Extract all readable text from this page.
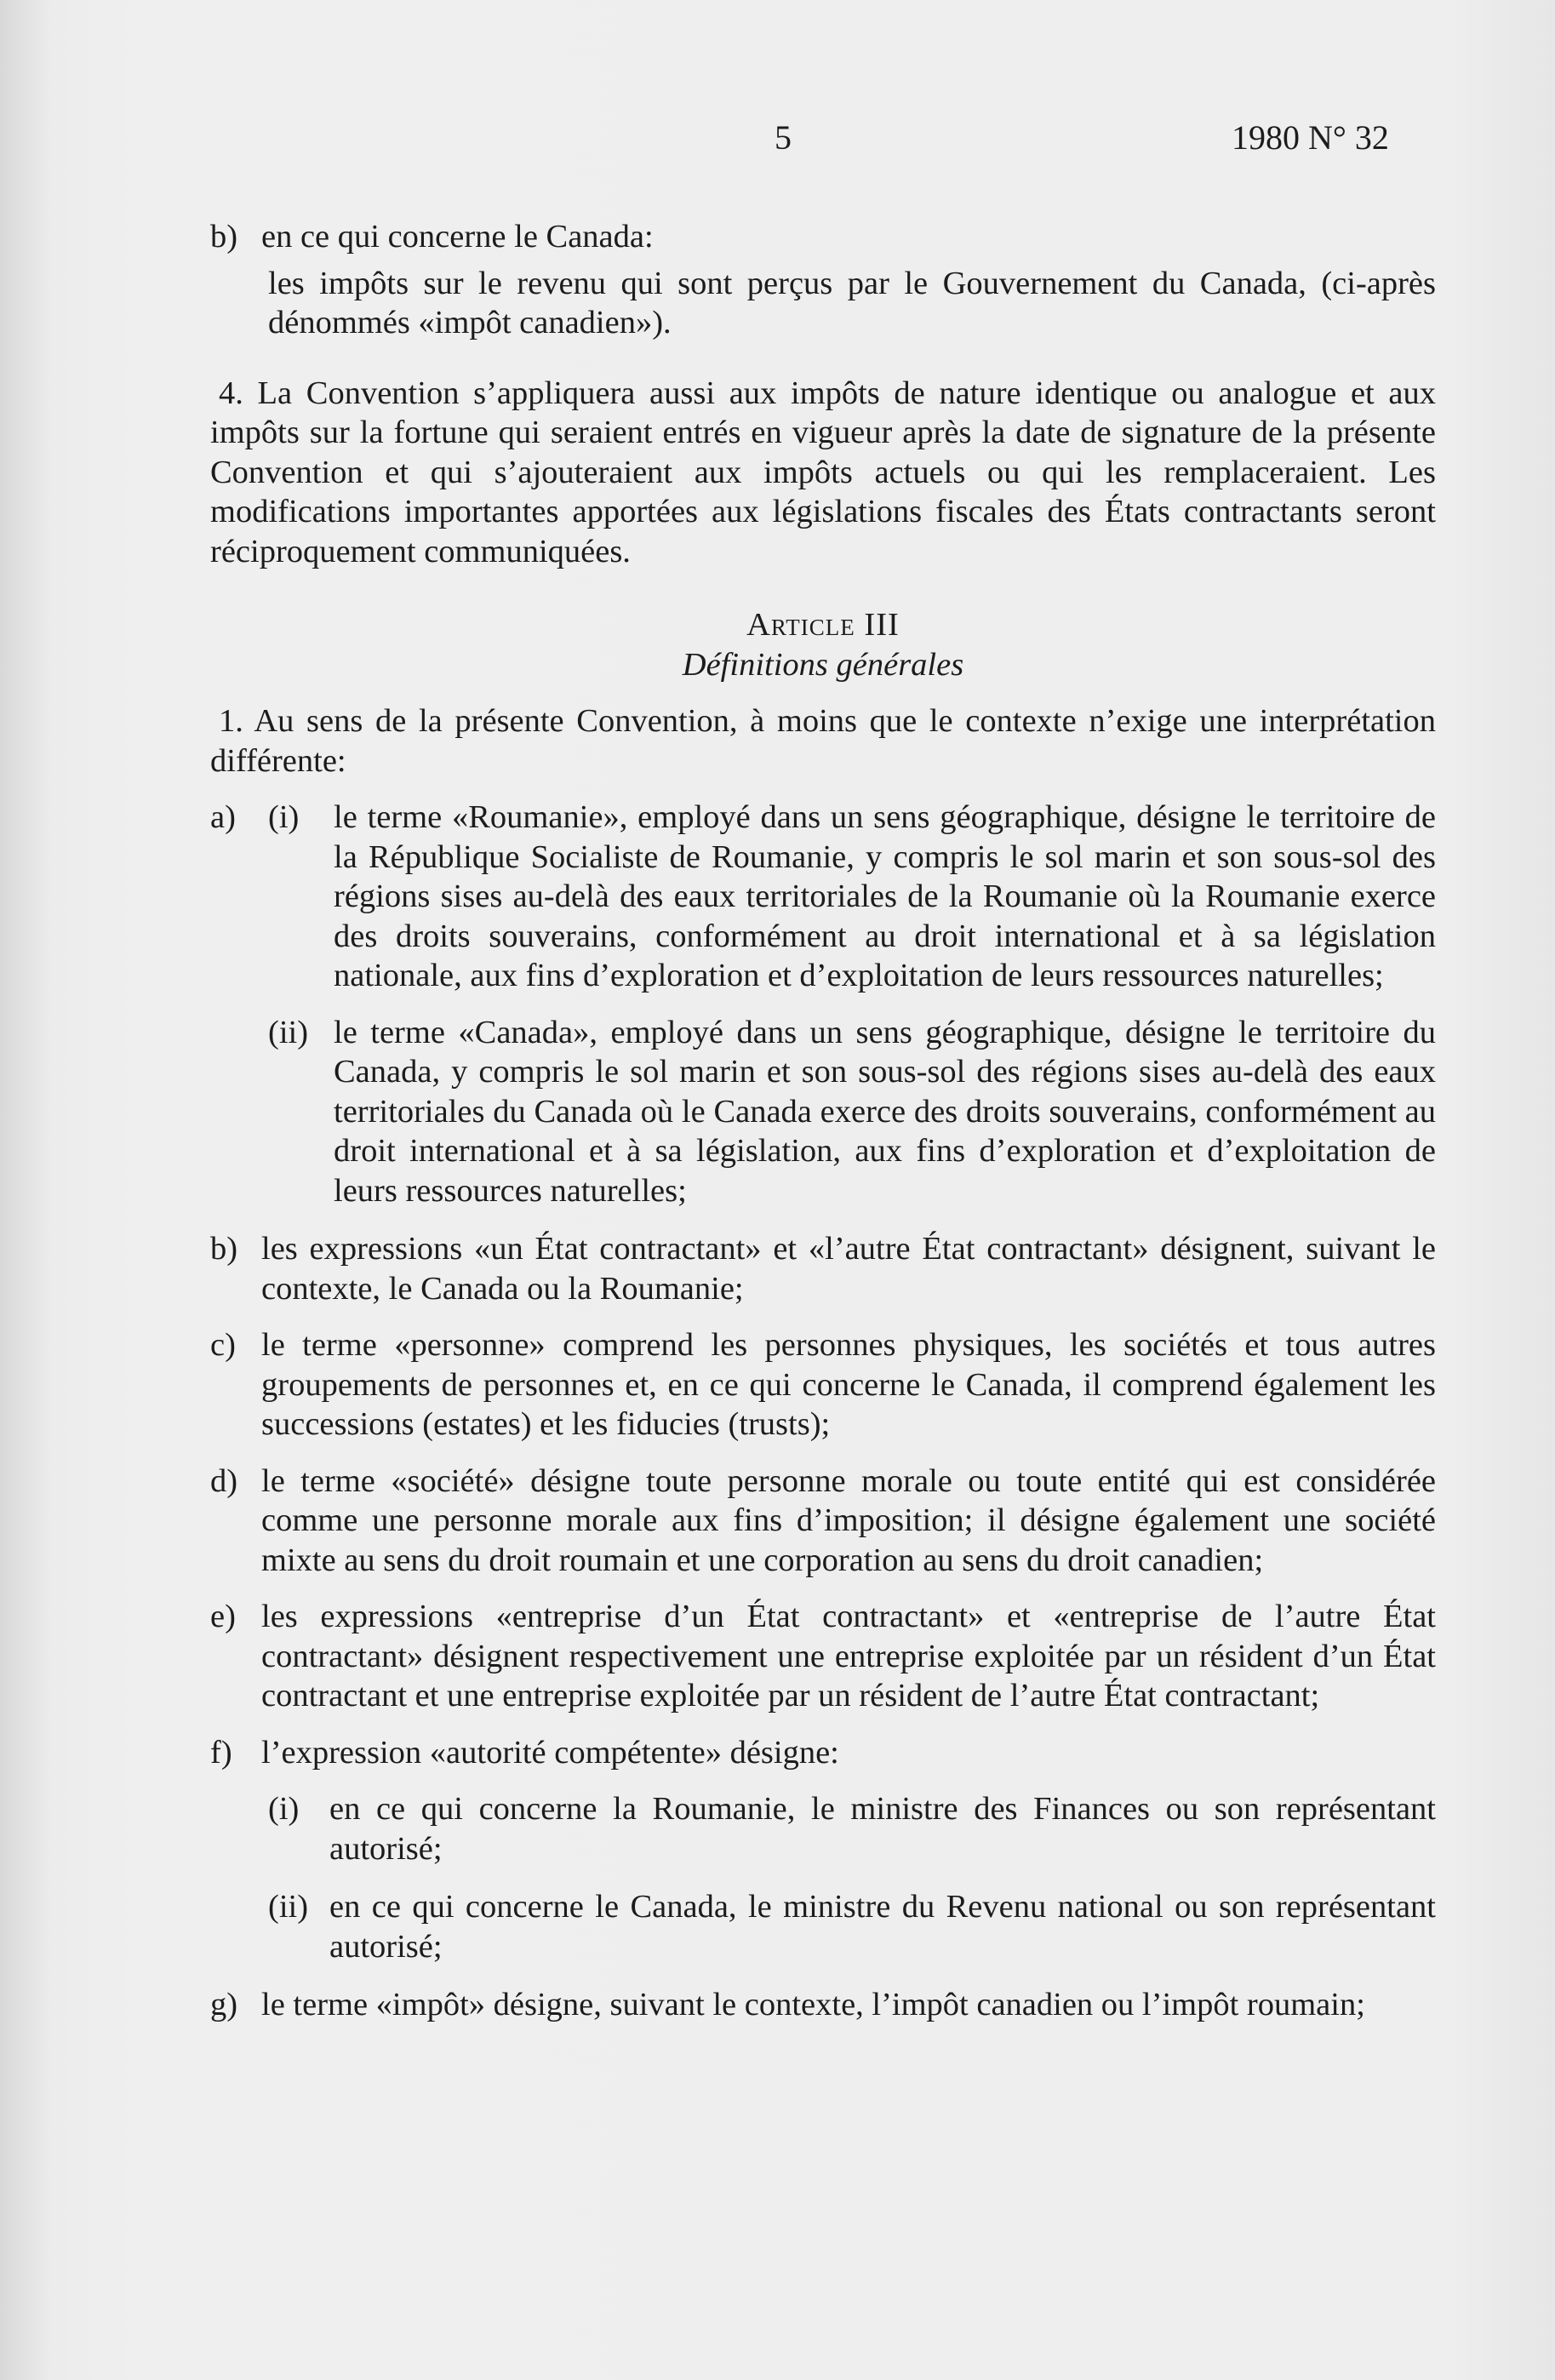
5	1980 N° 32
b) en ce qui concerne le Canada:
les impôts sur le revenu qui sont perçus par le Gouvernement du Canada, (ci-après dénommés «impôt canadien»).

4. La Convention s’appliquera aussi aux impôts de nature identique ou analogue et aux impôts sur la fortune qui seraient entrés en vigueur après la date de signature de la présente Convention et qui s’ajouteraient aux impôts actuels ou qui les remplaceraient. Les modifications importantes apportées aux législations fiscales des États contractants seront réciproquement communiquées.

Article III

Définitions générales

1. Au sens de la présente Convention, à moins que le contexte n’exige une interprétation différente:

a) (i) le terme «Roumanie», employé dans un sens géographique, désigne le territoire de la République Socialiste de Roumanie, y compris le sol marin et son sous-sol des régions sises au-delà des eaux territoriales de la Roumanie où la Roumanie exerce des droits souverains, conformément au droit international et à sa législation nationale, aux fins d’exploration et d’exploitation de leurs ressources naturelles;
(ii) le terme «Canada», employé dans un sens géographique, désigne le territoire du Canada, y compris le sol marin et son sous-sol des régions sises au-delà des eaux territoriales du Canada où le Canada exerce des droits souverains, conformément au droit international et à sa législation, aux fins d’exploration et d’exploitation de leurs ressources naturelles;
b) les expressions «un État contractant» et «l’autre État contractant» désignent, suivant le contexte, le Canada ou la Roumanie;
c) le terme «personne» comprend les personnes physiques, les sociétés et tous autres groupements de personnes et, en ce qui concerne le Canada, il comprend également les successions (estates) et les fiducies (trusts);
d) le terme «société» désigne toute personne morale ou toute entité qui est considérée comme une personne morale aux fins d’imposition; il désigne également une société mixte au sens du droit roumain et une corporation au sens du droit canadien;
e) les expressions «entreprise d’un État contractant» et «entreprise de l’autre État contractant» désignent respectivement une entreprise exploitée par un résident d’un État contractant et une entreprise exploitée par un résident de l’autre État contractant;
f) l’expression «autorité compétente» désigne:
(i) en ce qui concerne la Roumanie, le ministre des Finances ou son représentant autorisé;
(ii) en ce qui concerne le Canada, le ministre du Revenu national ou son représentant autorisé;
g) le terme «impôt» désigne, suivant le contexte, l’impôt canadien ou l’impôt roumain;
